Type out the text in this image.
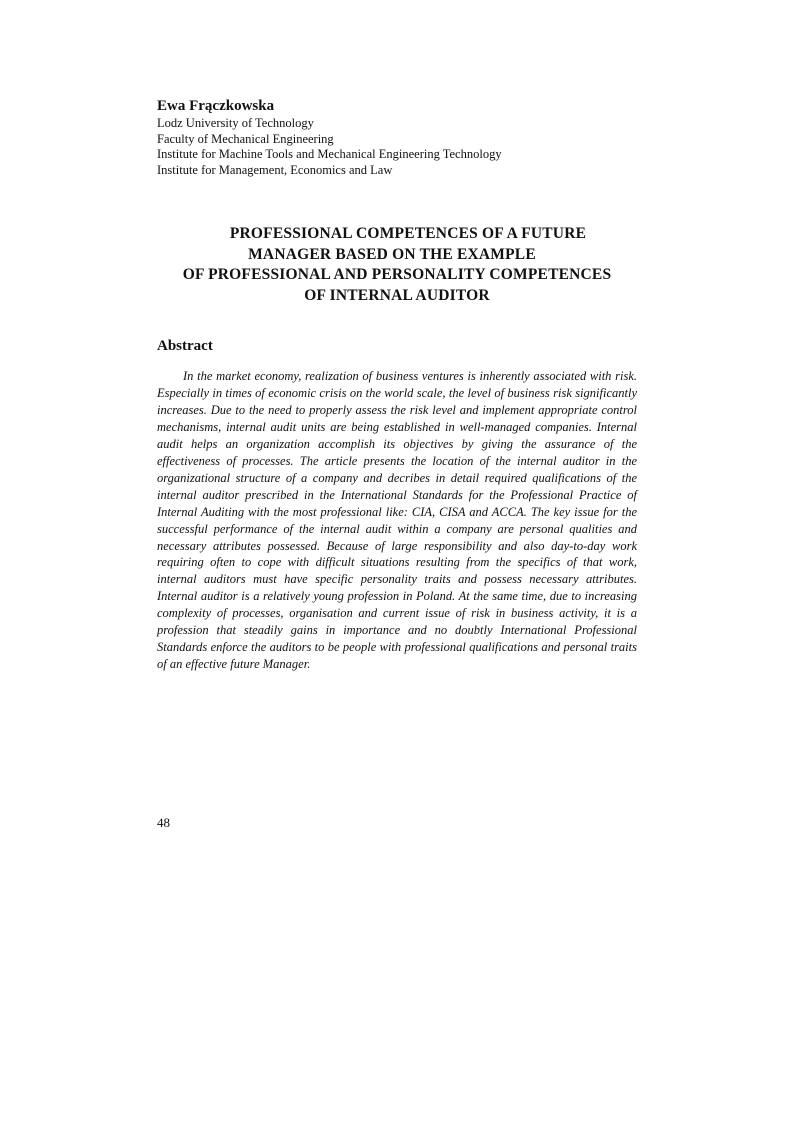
Ewa Frączkowska

Lodz University of Technology

Faculty of Mechanical Engineering

Institute for Machine Tools and Mechanical Engineering Technology

Institute for Management, Economics and Law

PROFESSIONAL COMPETENCES OF A FUTURE

MANAGER BASED ON THE EXAMPLE

OF PROFESSIONAL AND PERSONALITY COMPETENCES

OF INTERNAL AUDITOR

Abstract

In the market economy, realization of business ventures is inherently associated with risk. Especially in times of economic crisis on the world scale, the level of business risk significantly increases. Due to the need to properly assess the risk level and implement appropriate control mechanisms, internal audit units are being established in well-managed companies. Internal audit helps an organization accomplish its objectives by giving the assurance of the effectiveness of processes. The article presents the location of the internal auditor in the organizational structure of a company and decribes in detail required qualifications of the internal auditor prescribed in the International Standards for the Professional Practice of Internal Auditing with the most professional like: CIA, CISA and ACCA. The key issue for the successful performance of the internal audit within a company are personal qualities and necessary attributes possessed. Because of large responsibility and also day-to-day work requiring often to cope with difficult situations resulting from the specifics of that work, internal auditors must have specific personality traits and possess necessary attributes. Internal auditor is a relatively young profession in Poland. At the same time, due to increasing complexity of processes, organisation and current issue of risk in business activity, it is a profession that steadily gains in importance and no doubtly International Professional Standards enforce the auditors to be people with professional qualifications and personal traits of an effective future Manager.

48
